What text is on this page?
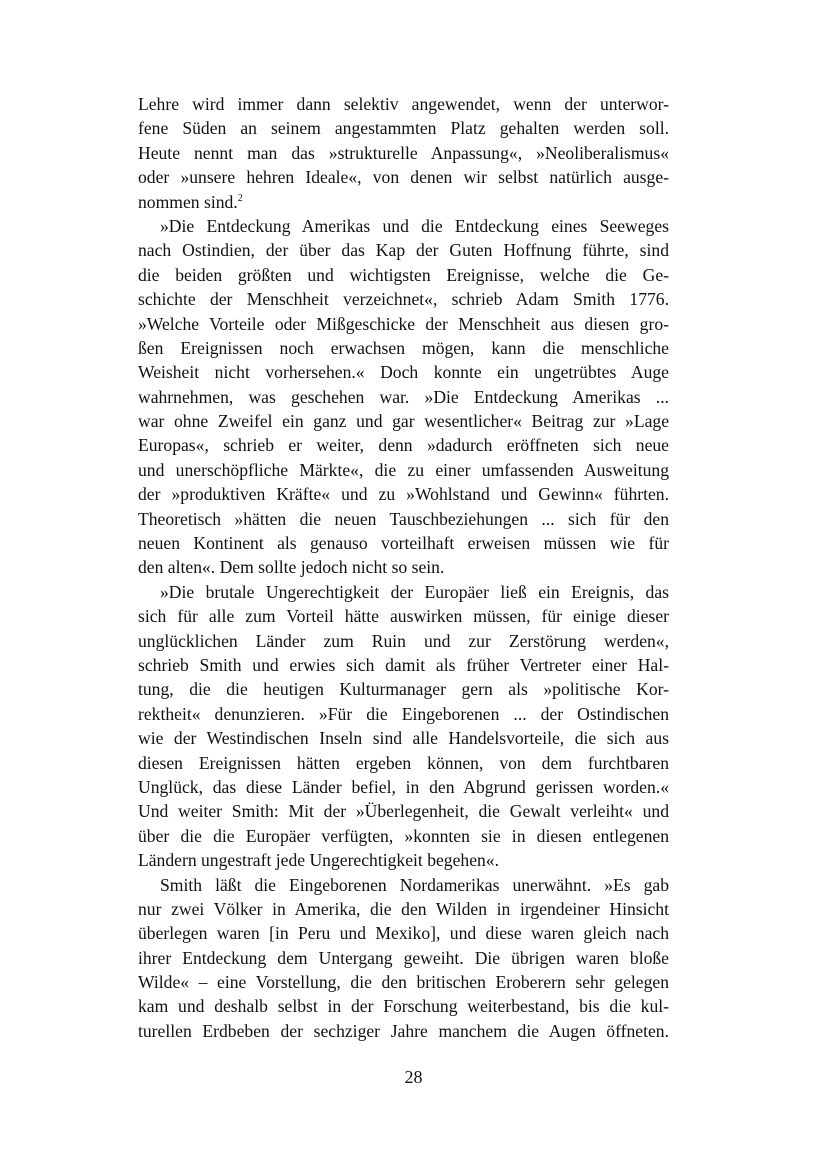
Lehre wird immer dann selektiv angewendet, wenn der unterwor-
fene Süden an seinem angestammten Platz gehalten werden soll.
Heute nennt man das »strukturelle Anpassung«, »Neoliberalismus«
oder »unsere hehren Ideale«, von denen wir selbst natürlich ausge-
nommen sind.$^2$
»Die Entdeckung Amerikas und die Entdeckung eines Seeweges
nach Ostindien, der über das Kap der Guten Hoffnung führte, sind
die beiden größten und wichtigsten Ereignisse, welche die Ge-
schichte der Menschheit verzeichnet«, schrieb Adam Smith 1776.
»Welche Vorteile oder Mißgeschicke der Menschheit aus diesen gro-
ßen Ereignissen noch erwachsen mögen, kann die menschliche
Weisheit nicht vorhersehen.« Doch konnte ein ungetrübtes Auge
wahrnehmen, was geschehen war. »Die Entdeckung Amerikas ...
war ohne Zweifel ein ganz und gar wesentlicher« Beitrag zur »Lage
Europas«, schrieb er weiter, denn »dadurch eröffneten sich neue
und unerschöpfliche Märkte«, die zu einer umfassenden Ausweitung
der »produktiven Kräfte« und zu »Wohlstand und Gewinn« führten.
Theoretisch »hätten die neuen Tauschbeziehungen ... sich für den
neuen Kontinent als genauso vorteilhaft erweisen müssen wie für
den alten«. Dem sollte jedoch nicht so sein.
»Die brutale Ungerechtigkeit der Europäer ließ ein Ereignis, das
sich für alle zum Vorteil hätte auswirken müssen, für einige dieser
unglücklichen Länder zum Ruin und zur Zerstörung werden«,
schrieb Smith und erwies sich damit als früher Vertreter einer Hal-
tung, die die heutigen Kulturmanager gern als »politische Kor-
rektheit« denunzieren. »Für die Eingeborenen ... der Ostindischen
wie der Westindischen Inseln sind alle Handelsvorteile, die sich aus
diesen Ereignissen hätten ergeben können, von dem furchtbaren
Unglück, das diese Länder befiel, in den Abgrund gerissen worden.«
Und weiter Smith: Mit der »Überlegenheit, die Gewalt verleiht« und
über die die Europäer verfügten, »konnten sie in diesen entlegenen
Ländern ungestraft jede Ungerechtigkeit begehen«.
Smith läßt die Eingeborenen Nordamerikas unerwähnt. »Es gab
nur zwei Völker in Amerika, die den Wilden in irgendeiner Hinsicht
überlegen waren [in Peru und Mexiko], und diese waren gleich nach
ihrer Entdeckung dem Untergang geweiht. Die übrigen waren bloße
Wilde« – eine Vorstellung, die den britischen Eroberern sehr gelegen
kam und deshalb selbst in der Forschung weiterbestand, bis die kul-
turellen Erdbeben der sechziger Jahre manchem die Augen öffneten.
28
